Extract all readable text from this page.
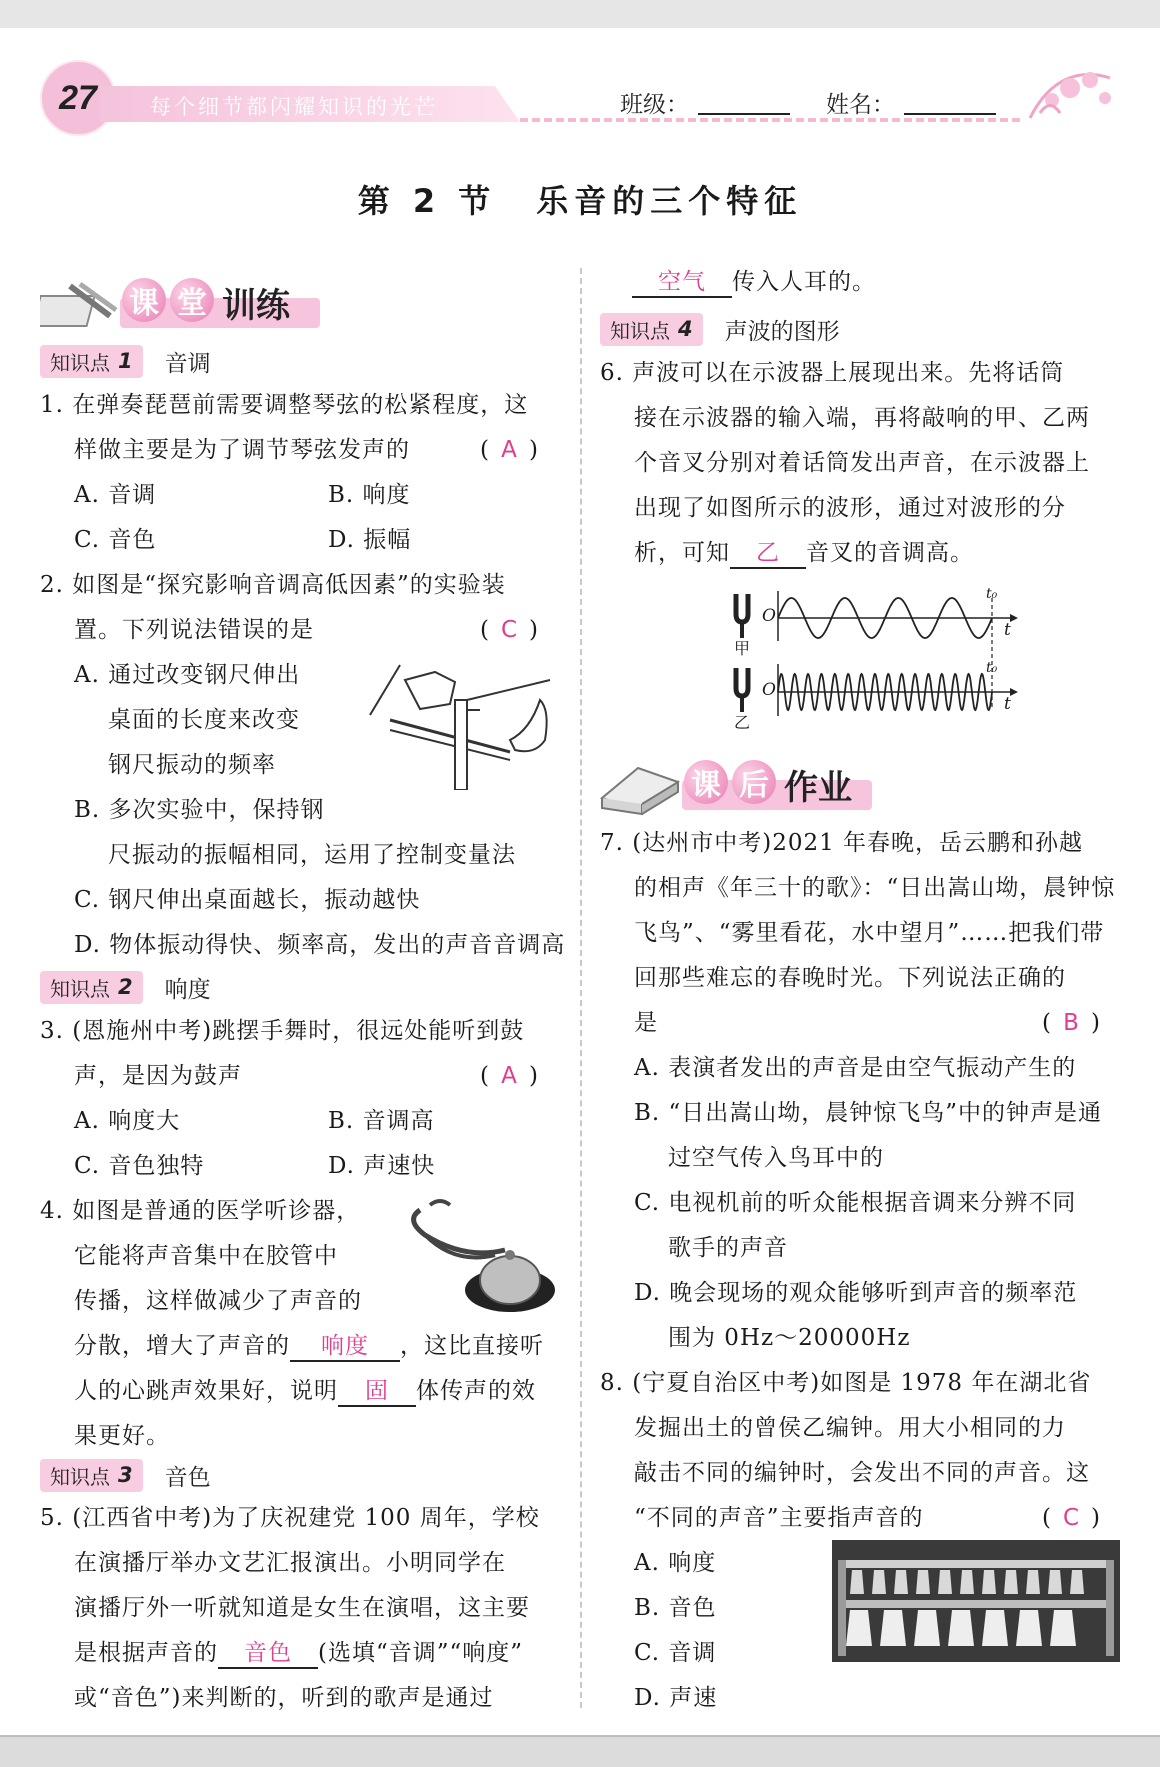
27	每个细节都闪耀知识的光芒	班级：	姓名：
第 2 节 乐音的三个特征
课 堂 训练
知识点 1 音调
1. 在弹奏琵琶前需要调整琴弦的松紧程度，这
样做主要是为了调节琴弦发声的	( A )
A. 音调	B. 响度
C. 音色	D. 振幅
2. 如图是“探究影响音调高低因素”的实验装
置。下列说法错误的是	( C )
A. 通过改变钢尺伸出
桌面的长度来改变
钢尺振动的频率
B. 多次实验中，保持钢
尺振动的振幅相同，运用了控制变量法
C. 钢尺伸出桌面越长，振动越快
D. 物体振动得快、频率高，发出的声音音调高
知识点 2 响度
3. (恩施州中考)跳摆手舞时，很远处能听到鼓
声，是因为鼓声	( A )
A. 响度大	B. 音调高
C. 音色独特	D. 声速快
4. 如图是普通的医学听诊器，
它能将声音集中在胶管中
传播，这样做减少了声音的
分散，增大了声音的 响度 ，这比直接听
人的心跳声效果好，说明 固 体传声的效
果更好。
知识点 3 音色
5. (江西省中考)为了庆祝建党 100 周年，学校
在演播厅举办文艺汇报演出。小明同学在
演播厅外一听就知道是女生在演唱，这主要
是根据声音的 音色 (选填“音调”“响度”
或“音色”)来判断的，听到的歌声是通过
空气 传入人耳的。
知识点 4 声波的图形
6. 声波可以在示波器上展现出来。先将话筒
接在示波器的输入端，再将敲响的甲、乙两
个音叉分别对着话筒发出声音，在示波器上
出现了如图所示的波形，通过对波形的分
析，可知 乙 音叉的音调高。
O
O
t₀
t₀
t
t
甲
乙
课 后 作业
7. (达州市中考)2021 年春晚，岳云鹏和孙越
的相声《年三十的歌》：“日出嵩山坳，晨钟惊
飞鸟”、“雾里看花，水中望月”……把我们带
回那些难忘的春晚时光。下列说法正确的
是	( B )
A. 表演者发出的声音是由空气振动产生的
B. “日出嵩山坳，晨钟惊飞鸟”中的钟声是通
过空气传入鸟耳中的
C. 电视机前的听众能根据音调来分辨不同
歌手的声音
D. 晚会现场的观众能够听到声音的频率范
围为 0Hz～20000Hz
8. (宁夏自治区中考)如图是 1978 年在湖北省
发掘出土的曾侯乙编钟。用大小相同的力
敲击不同的编钟时，会发出不同的声音。这
“不同的声音”主要指声音的	( C )
A. 响度
B. 音色
C. 音调
D. 声速
